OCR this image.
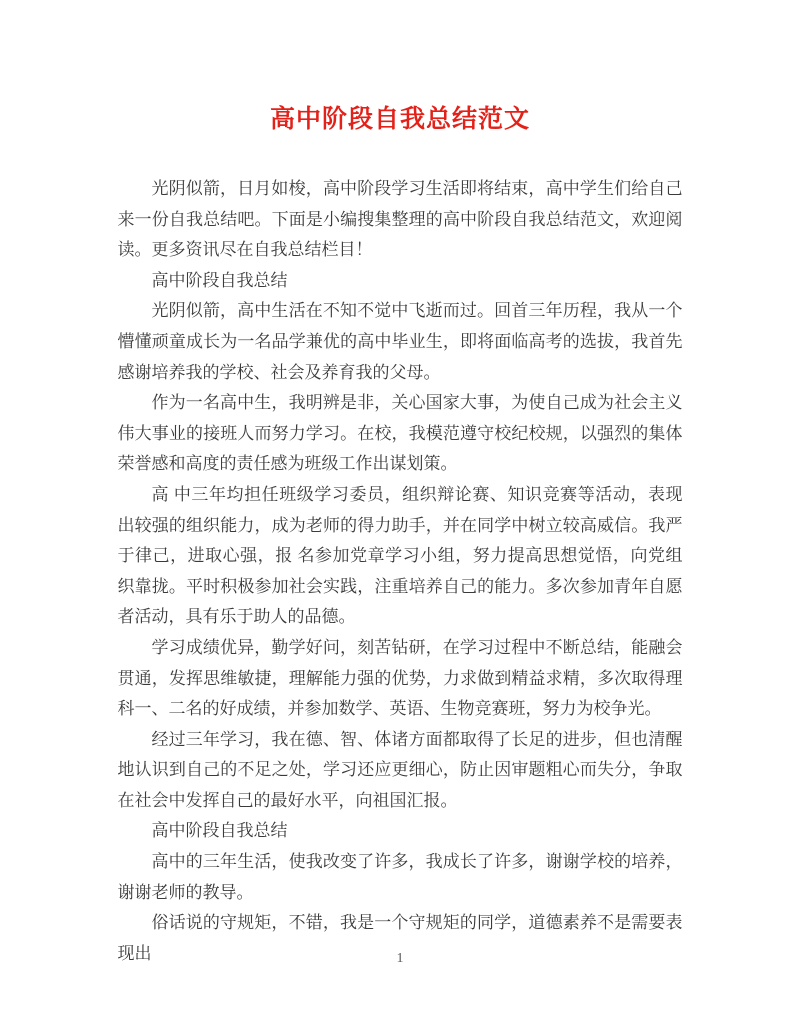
高中阶段自我总结范文

光阴似箭，日月如梭，高中阶段学习生活即将结束，高中学生们给自己来一份自我总结吧。下面是小编搜集整理的高中阶段自我总结范文，欢迎阅读。更多资讯尽在自我总结栏目！

高中阶段自我总结

光阴似箭，高中生活在不知不觉中飞逝而过。回首三年历程，我从一个懵懂顽童成长为一名品学兼优的高中毕业生，即将面临高考的选拔，我首先感谢培养我的学校、社会及养育我的父母。

作为一名高中生，我明辨是非，关心国家大事，为使自己成为社会主义伟大事业的接班人而努力学习。在校，我模范遵守校纪校规，以强烈的集体荣誉感和高度的责任感为班级工作出谋划策。

高 中三年均担任班级学习委员，组织辩论赛、知识竞赛等活动，表现出较强的组织能力，成为老师的得力助手，并在同学中树立较高威信。我严于律己，进取心强，报 名参加党章学习小组，努力提高思想觉悟，向党组织靠拢。平时积极参加社会实践，注重培养自己的能力。多次参加青年自愿者活动，具有乐于助人的品德。

学习成绩优异，勤学好问，刻苦钻研，在学习过程中不断总结，能融会贯通，发挥思维敏捷，理解能力强的优势，力求做到精益求精，多次取得理科一、二名的好成绩，并参加数学、英语、生物竞赛班，努力为校争光。

经过三年学习，我在德、智、体诸方面都取得了长足的进步，但也清醒地认识到自己的不足之处，学习还应更细心，防止因审题粗心而失分，争取在社会中发挥自己的最好水平，向祖国汇报。

高中阶段自我总结

高中的三年生活，使我改变了许多，我成长了许多，谢谢学校的培养，谢谢老师的教导。

俗话说的守规矩，不错，我是一个守规矩的同学，道德素养不是需要表现出	1
